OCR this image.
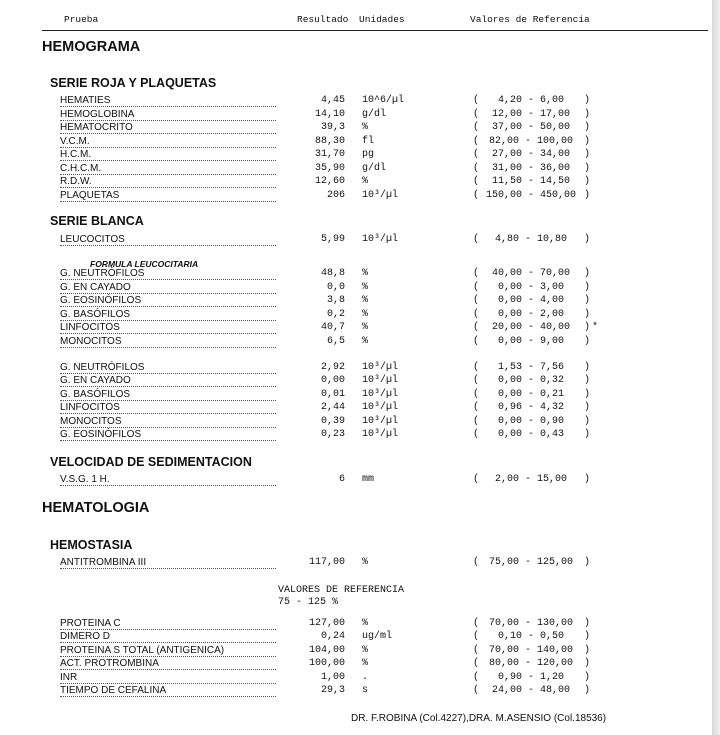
Prueba	Resultado Unidades	Valores de Referencia
HEMOGRAMA
SERIE ROJA Y PLAQUETAS
HEMATIES	4,45 10^6/µl	(	4,20 - 6,00	)
HEMOGLOBINA	14,10 g/dl	(	12,00 - 17,00	)
HEMATOCRITO	39,3 %	(	37,00 - 50,00	)
V.C.M.	88,30 fl	( 82,00 - 100,00	)
H.C.M.	31,70 pg	(	27,00 - 34,00	)
C.H.C.M.	35,90 g/dl	(	31,00 - 36,00	)
R.D.W.	12,60 %	(	11,50 - 14,50	)
PLAQUETAS	206 10³/µl	( 150,00 - 450,00 )
SERIE BLANCA
LEUCOCITOS	5,99 10³/µl	(	4,80 - 10,80	)
FORMULA LEUCOCITARIA
G. NEUTRÓFILOS	48,8 %	(	40,00 - 70,00	)
G. EN CAYADO	0,0 %	(	0,00 - 3,00	)
G. EOSINÓFILOS	3,8 %	(	0,00 - 4,00	)
G. BASÓFILOS	0,2 %	(	0,00 - 2,00	)
LINFOCITOS	40,7 %	(	20,00 - 40,00	) *
MONOCITOS	6,5 %	(	0,00 - 9,00	)
G. NEUTRÓFILOS	2,92 10³/µl	(	1,53 - 7,56	)
G. EN CAYADO	0,00 10³/µl	(	0,00 - 0,32	)
G. BASÓFILOS	0,01 10³/µl	(	0,00 - 0,21	)
LINFOCITOS	2,44 10³/µl	(	0,96 - 4,32	)
MONOCITOS	0,39 10³/µl	(	0,00 - 0,90	)
G. EOSINÓFILOS	0,23 10³/µl	(	0,00 - 0,43	)
VELOCIDAD DE SEDIMENTACION
V.S.G. 1 H.	6 mm	(	2,00 - 15,00	)
HEMATOLOGIA
HEMOSTASIA
ANTITROMBINA III	117,00 %	( 75,00 - 125,00	)
VALORES DE REFERENCIA
75 - 125 %
PROTEINA C	127,00 %	( 70,00 - 130,00	)
DIMERO D	0,24 ug/ml	(	0,10 - 0,50	)
PROTEINA S TOTAL (ANTIGENICA)	104,00 %	( 70,00 - 140,00	)
ACT. PROTROMBINA	100,00 %	( 80,00 - 120,00	)
INR	1,00 .	(	0,90 - 1,20	)
TIEMPO DE CEFALINA	29,3 s	(	24,00 - 48,00	)
DR. F.ROBINA (Col.4227),DRA. M.ASENSIO (Col.18536)
